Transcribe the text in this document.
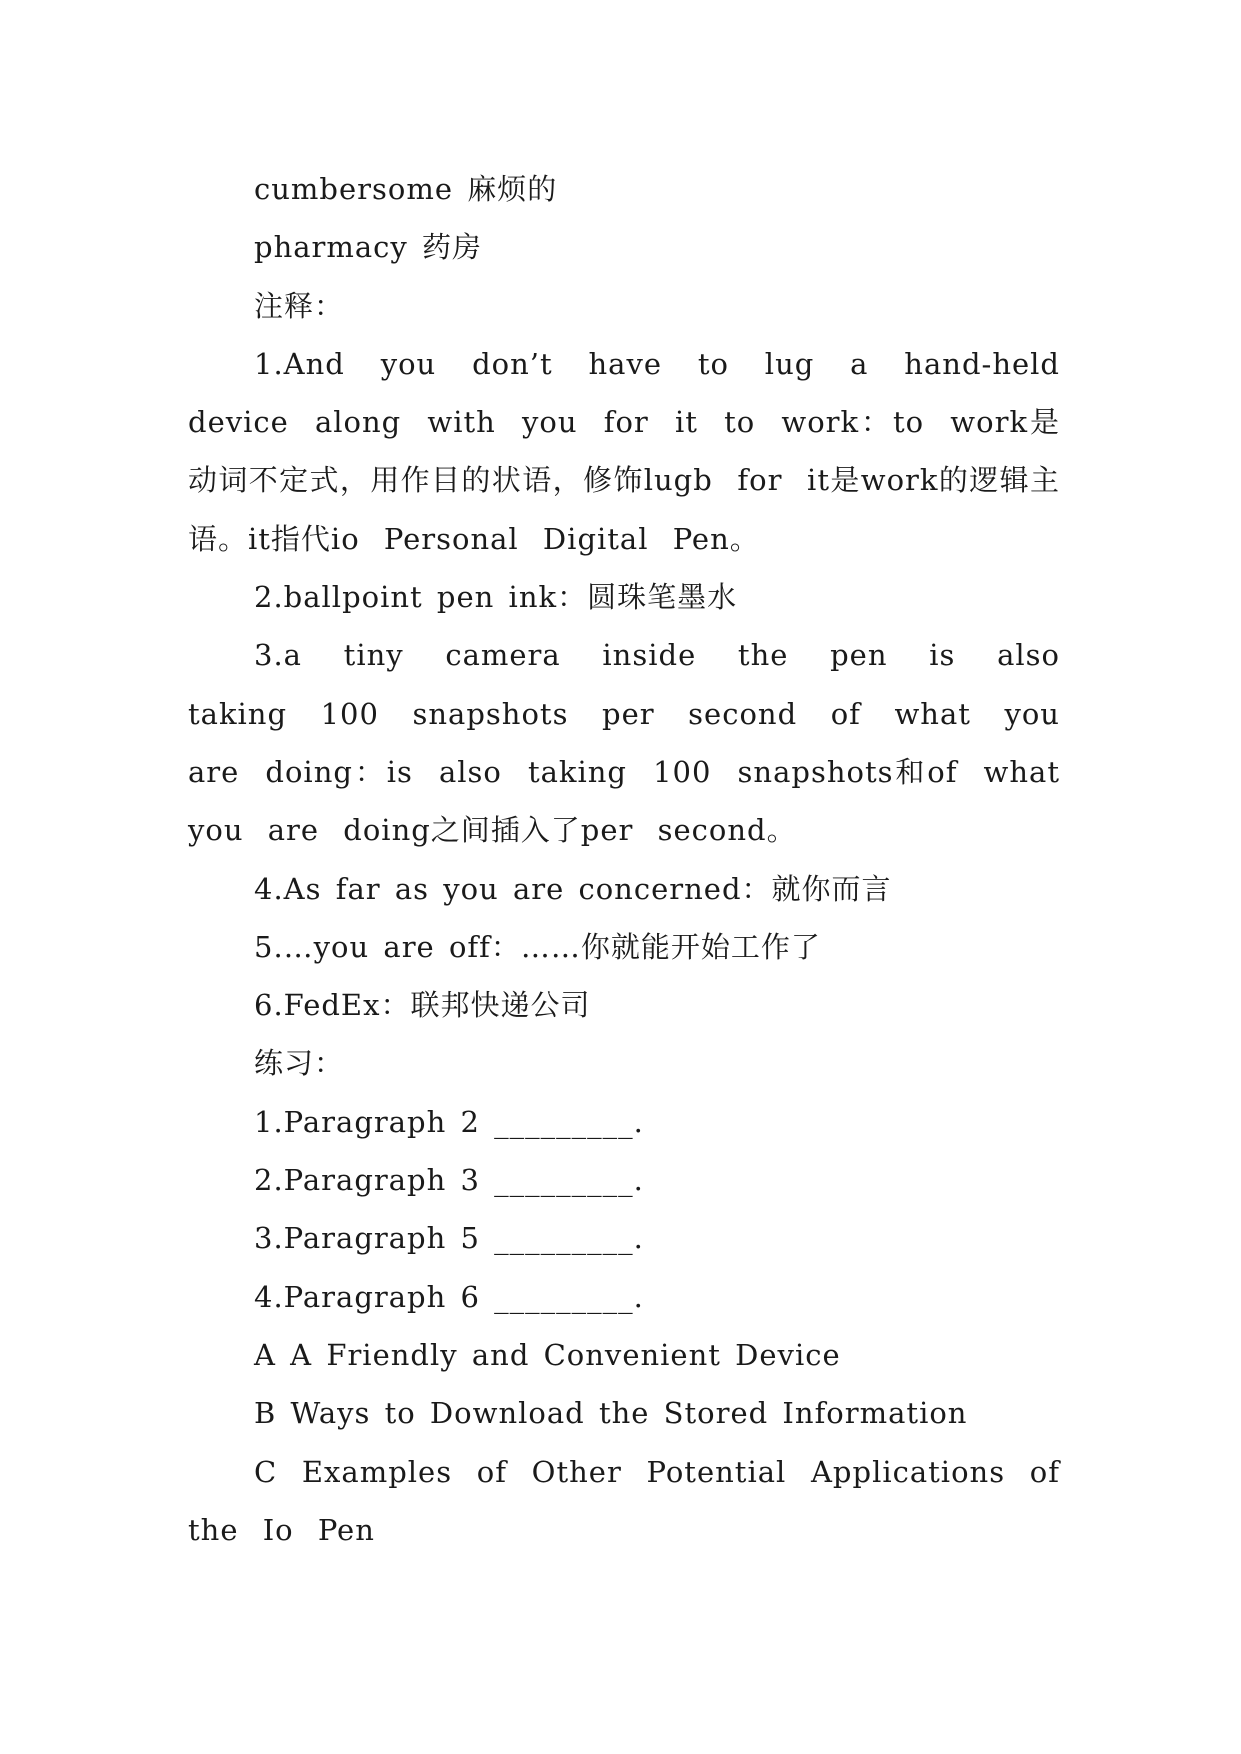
cumbersome 麻烦的

pharmacy 药房

注释：

1.And you don’t have to lug a hand-held device along with you for it to work：to work是动词不定式，用作目的状语，修饰lugb for it是work的逻辑主语。it指代io Personal Digital Pen。

2.ballpoint pen ink：圆珠笔墨水

3.a tiny camera inside the pen is also taking 100 snapshots per second of what you are doing：is also taking 100 snapshots和of what you are doing之间插入了per second。

4.As far as you are concerned：就你而言

5.…you are off：……你就能开始工作了

6.FedEx：联邦快递公司

练习：

1.Paragraph 2 _________.

2.Paragraph 3 _________.

3.Paragraph 5 _________.

4.Paragraph 6 _________.

A A Friendly and Convenient Device

B Ways to Download the Stored Information

C Examples of Other Potential Applications of the Io Pen
